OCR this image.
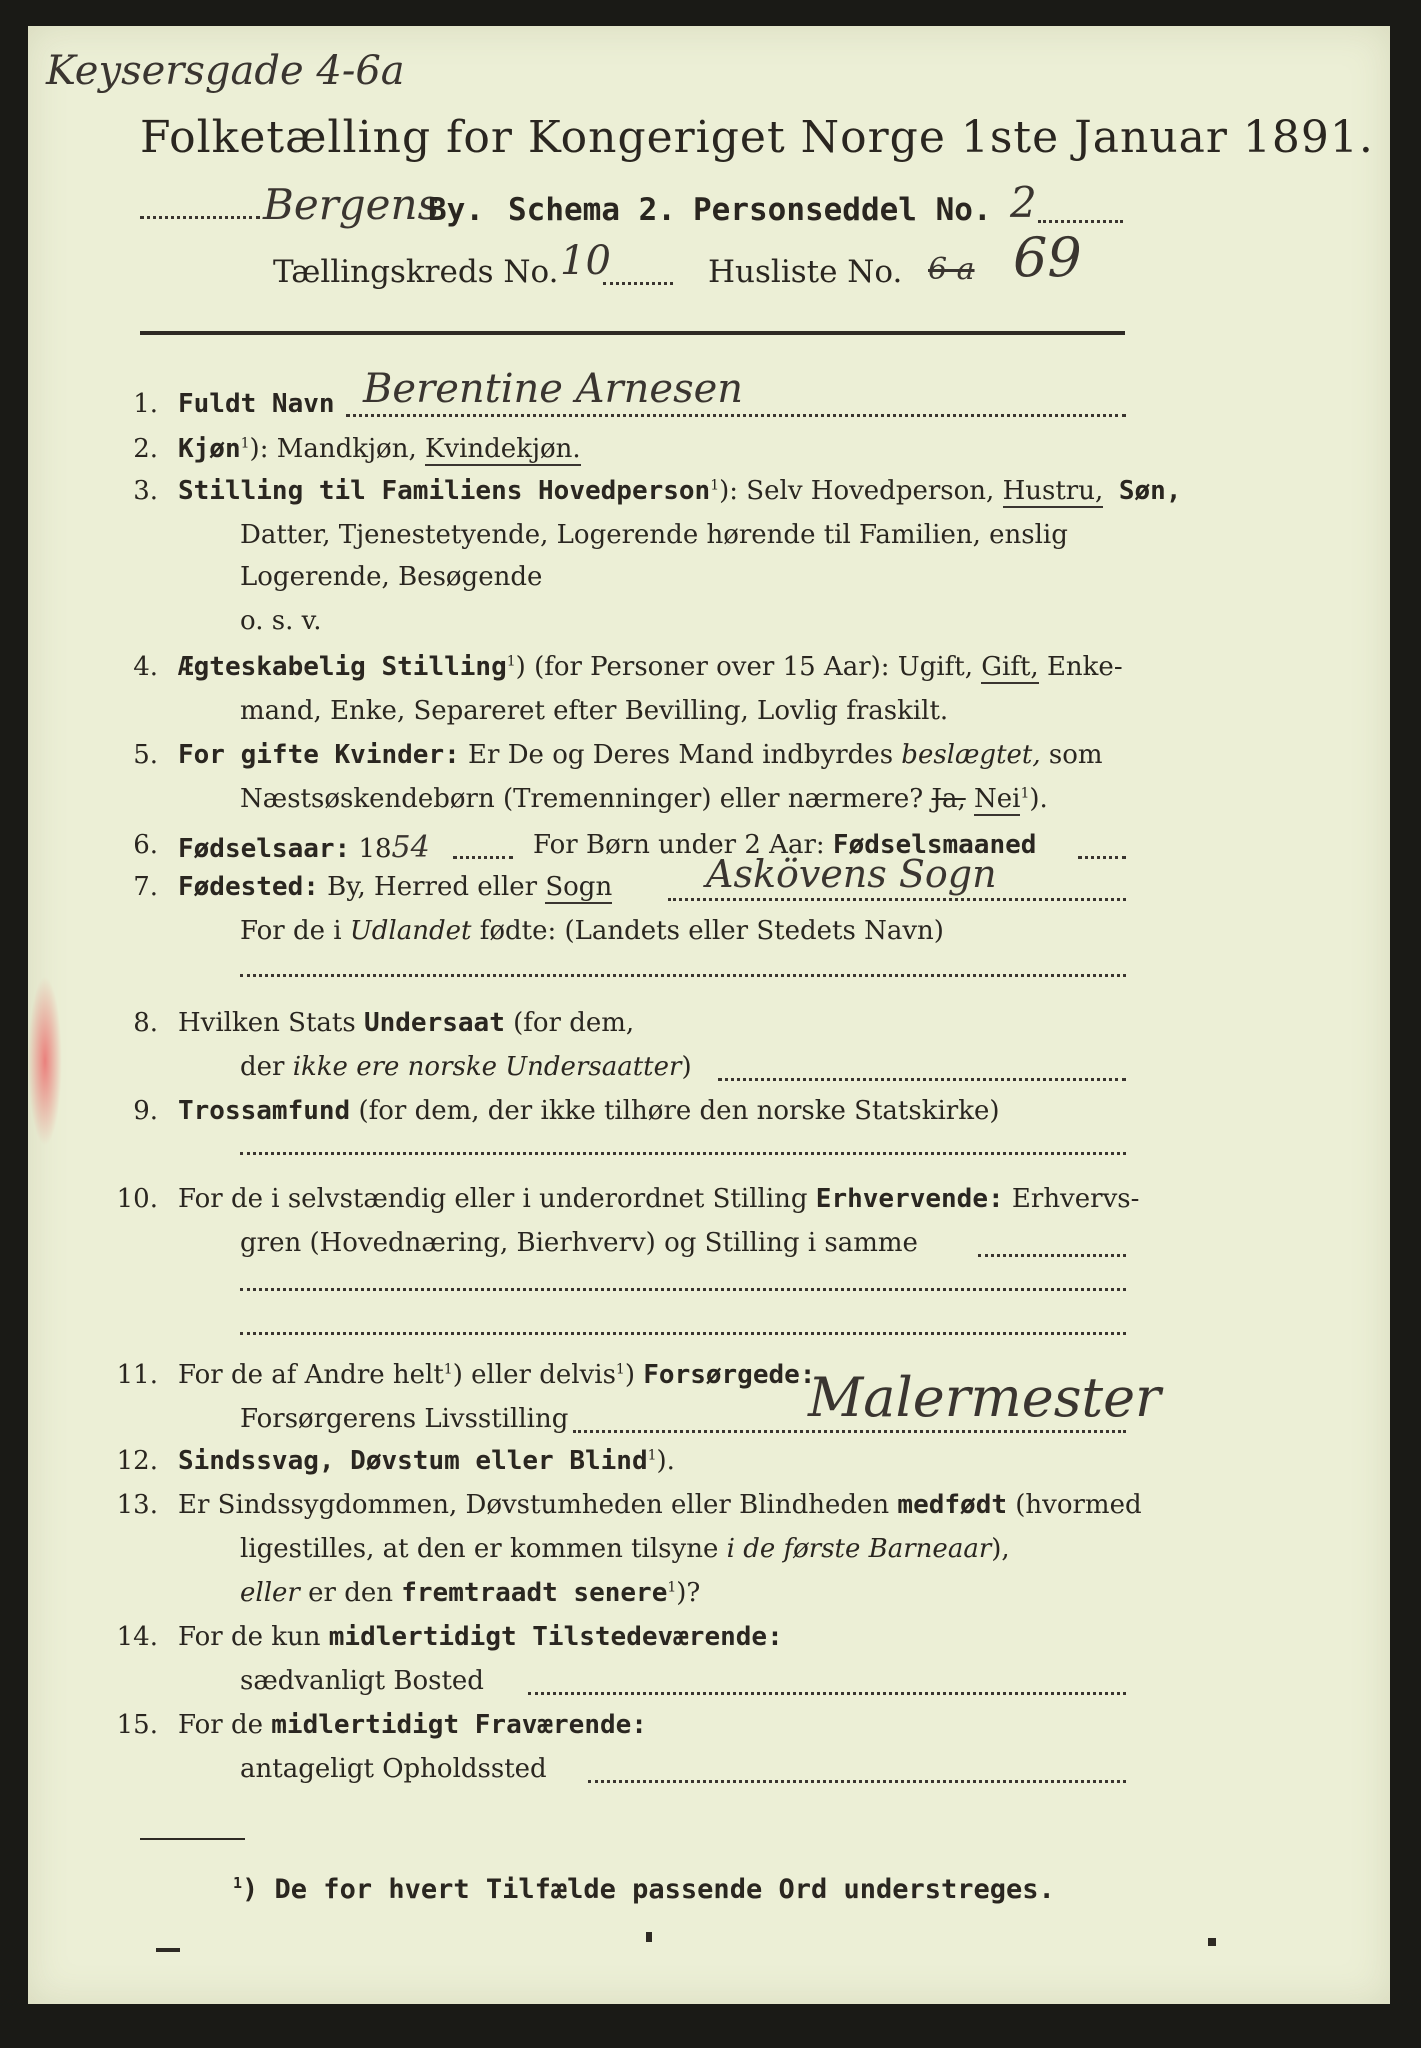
Keysersgade 4-6a
Folketælling for Kongeriget Norge 1ste Januar 1891.
Bergens
By. Schema 2. Personseddel No. 2
Tællingskreds No. 10	Husliste No. 6 a 69
1. Fuldt Navn Berentine Arnesen
2. Kjøn$^1$): Mandkjøn, Kvindekjøn.
3. Stilling til Familiens Hovedperson$^1$): Selv Hovedperson, Hustru, Søn,
Datter, Tjenestetyende, Logerende hørende til Familien, enslig
Logerende, Besøgende
o. s. v.
4. Ægteskabelig Stilling$^1$) (for Personer over 15 Aar): Ugift, Gift, Enke-
mand, Enke, Separeret efter Bevilling, Lovlig fraskilt.
5. For gifte Kvinder: Er De og Deres Mand indbyrdes beslægtet, som
Næstsøskendebørn (Tremenninger) eller nærmere? Ja, Nei$^1$).
6. Fødselsaar: 1854	For Børn under 2 Aar: Fødselsmaaned
7. Fødested: By, Herred eller Sogn Askövens Sogn
For de i Udlandet fødte: (Landets eller Stedets Navn)
8. Hvilken Stats Undersaat (for dem,
der ikke ere norske Undersaatter)
9. Trossamfund (for dem, der ikke tilhøre den norske Statskirke)
10. For de i selvstændig eller i underordnet Stilling Erhvervende: Erhvervs-
gren (Hovednæring, Bierhverv) og Stilling i samme
11. For de af Andre helt$^1$) eller delvis$^1$) Forsørgede:
Forsørgerens Livsstilling	Malermester
12. Sindssvag, Døvstum eller Blind$^1$).
13. Er Sindssygdommen, Døvstumheden eller Blindheden medfødt (hvormed
ligestilles, at den er kommen tilsyne i de første Barneaar),
eller er den fremtraadt senere$^1$)?
14. For de kun midlertidigt Tilstedeværende:
sædvanligt Bosted
15. For de midlertidigt Fraværende:
antageligt Opholdssted
$^1$) De for hvert Tilfælde passende Ord understreges.
